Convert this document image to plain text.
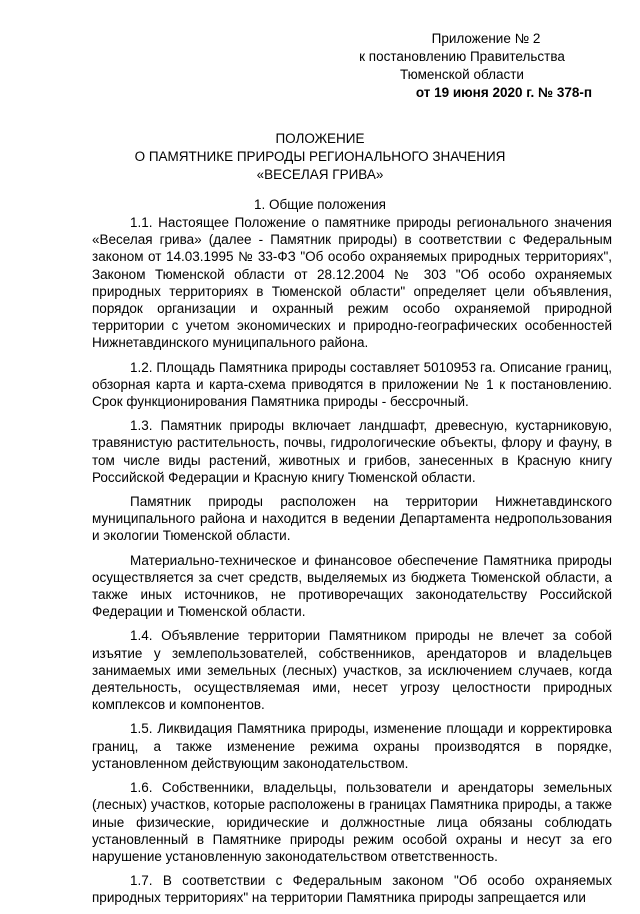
Приложение № 2
к постановлению Правительства
Тюменской области
от 19 июня 2020 г. № 378-п
ПОЛОЖЕНИЕ
О ПАМЯТНИКЕ ПРИРОДЫ РЕГИОНАЛЬНОГО ЗНАЧЕНИЯ
«ВЕСЕЛАЯ ГРИВА»
1. Общие положения

1.1. Настоящее Положение о памятнике природы регионального значения «Веселая грива» (далее - Памятник природы) в соответствии с Федеральным законом от 14.03.1995 № 33-ФЗ "Об особо охраняемых природных территориях", Законом Тюменской области от 28.12.2004 № 303 "Об особо охраняемых природных территориях в Тюменской области" определяет цели объявления, порядок организации и охранный режим особо охраняемой природной территории с учетом экономических и природно-географических особенностей Нижнетавдинского муниципального района.

1.2. Площадь Памятника природы составляет 5010953 га. Описание границ, обзорная карта и карта-схема приводятся в приложении № 1 к постановлению. Срок функционирования Памятника природы - бессрочный.

1.3. Памятник природы включает ландшафт, древесную, кустарниковую, травянистую растительность, почвы, гидрологические объекты, флору и фауну, в том числе виды растений, животных и грибов, занесенных в Красную книгу Российской Федерации и Красную книгу Тюменской области.

Памятник природы расположен на территории Нижнетавдинского муниципального района и находится в ведении Департамента недропользования и экологии Тюменской области.

Материально-техническое и финансовое обеспечение Памятника природы осуществляется за счет средств, выделяемых из бюджета Тюменской области, а также иных источников, не противоречащих законодательству Российской Федерации и Тюменской области.

1.4. Объявление территории Памятником природы не влечет за собой изъятие у землепользователей, собственников, арендаторов и владельцев занимаемых ими земельных (лесных) участков, за исключением случаев, когда деятельность, осуществляемая ими, несет угрозу целостности природных комплексов и компонентов.

1.5. Ликвидация Памятника природы, изменение площади и корректировка границ, а также изменение режима охраны производятся в порядке, установленном действующим законодательством.

1.6. Собственники, владельцы, пользователи и арендаторы земельных (лесных) участков, которые расположены в границах Памятника природы, а также иные физические, юридические и должностные лица обязаны соблюдать установленный в Памятнике природы режим особой охраны и несут за его нарушение установленную законодательством ответственность.

1.7. В соответствии с Федеральным законом "Об особо охраняемых природных территориях" на территории Памятника природы запрещается или
